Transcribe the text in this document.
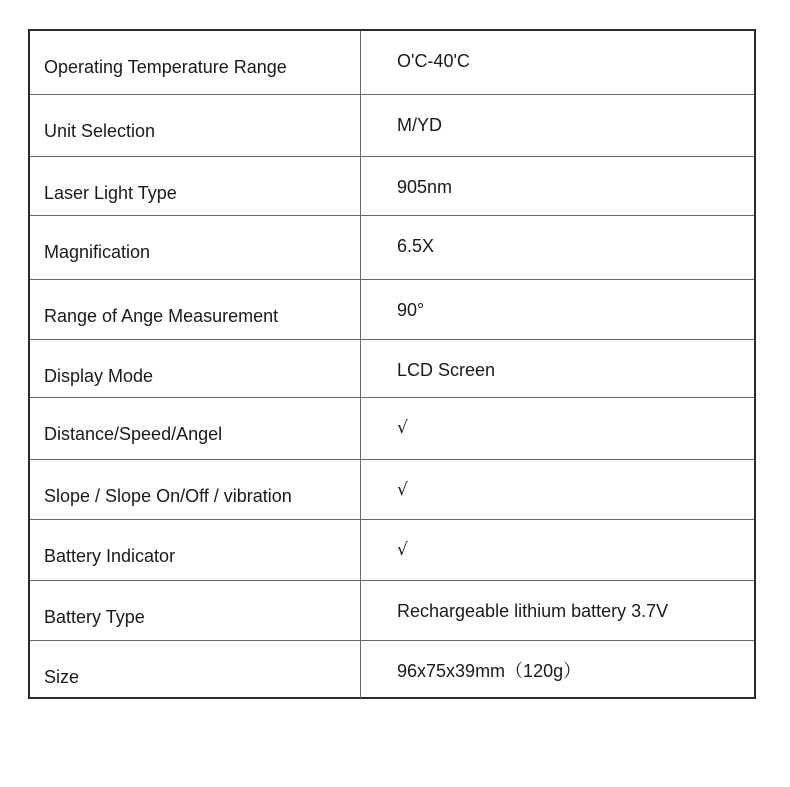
Operating Temperature Range	O'C-40'C
Unit Selection	M/YD
Laser Light Type	905nm
Magnification	6.5X
Range of Ange Measurement	90°
Display Mode	LCD Screen
Distance/Speed/Angel	√
Slope / Slope On/Off / vibration	√
Battery Indicator	√
Battery Type	Rechargeable lithium battery 3.7V
Size	96x75x39mm（120g）
